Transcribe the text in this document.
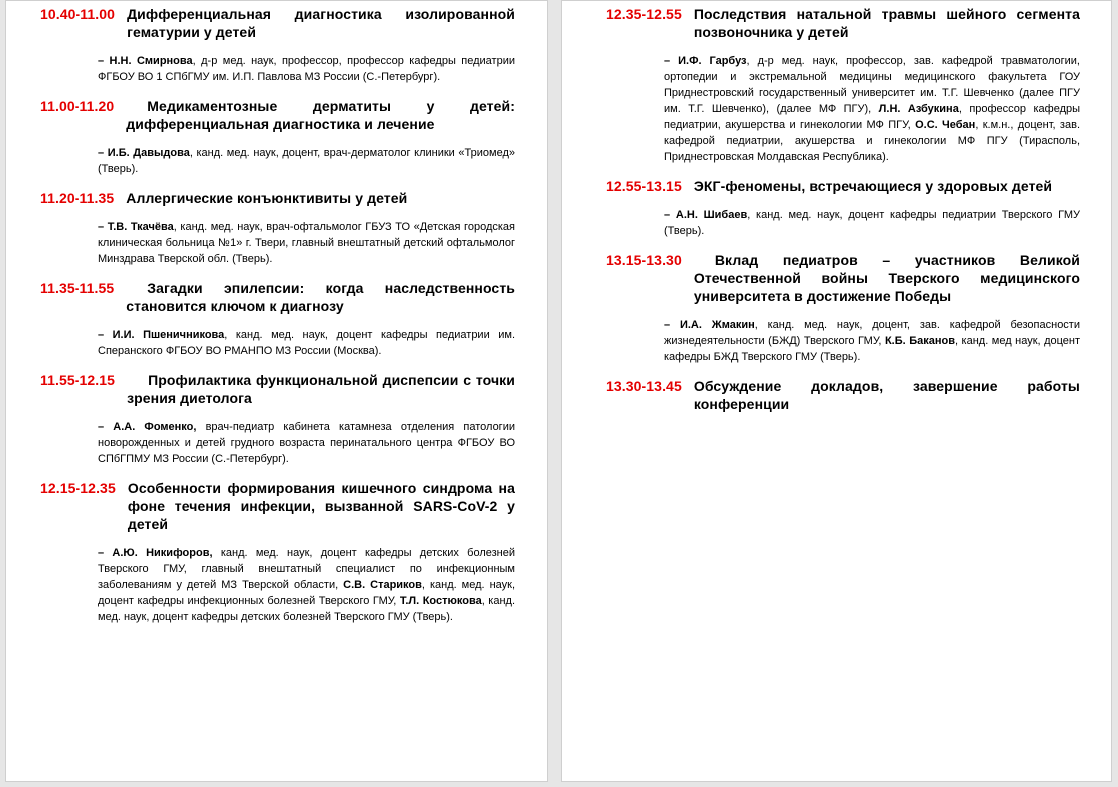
10.40-11.00 Дифференциальная диагностика изолированной гематурии у детей
– Н.Н. Смирнова, д-р мед. наук, профессор, профессор кафедры педиатрии ФГБОУ ВО 1 СПбГМУ им. И.П. Павлова МЗ России (С.-Петербург).
11.00-11.20	Медикаментозные дерматиты у детей: дифференциальная диагностика и лечение
– И.Б. Давыдова, канд. мед. наук, доцент, врач-дерматолог клиники «Триомед» (Тверь).
11.20-11.35 Аллергические конъюнктивиты у детей
– Т.В. Ткачёва, канд. мед. наук, врач-офтальмолог ГБУЗ ТО «Детская городская клиническая больница №1» г. Твери, главный внештатный детский офтальмолог Минздрава Тверской обл. (Тверь).
11.35-11.55	Загадки эпилепсии: когда наследственность становится ключом к диагнозу
– И.И. Пшеничникова, канд. мед. наук, доцент кафедры педиатрии им. Сперанского ФГБОУ ВО РМАНПО МЗ России (Москва).
11.55-12.15	Профилактика функциональной диспепсии с точки зрения диетолога
– А.А. Фоменко, врач-педиатр кабинета катамнеза отделения патологии новорожденных и детей грудного возраста перинатального центра ФГБОУ ВО СПбГПМУ МЗ России (С.-Петербург).
12.15-12.35 Особенности формирования кишечного синдрома на фоне течения инфекции, вызванной SARS-CoV-2 у детей
– А.Ю. Никифоров, канд. мед. наук, доцент кафедры детских болезней Тверского ГМУ, главный внештатный специалист по инфекционным заболеваниям у детей МЗ Тверской области, С.В. Стариков, канд. мед. наук, доцент кафедры инфекционных болезней Тверского ГМУ, Т.Л. Костюкова, канд. мед. наук, доцент кафедры детских болезней Тверского ГМУ (Тверь).
12.35-12.55 Последствия натальной травмы шейного сегмента позвоночника у детей
– И.Ф. Гарбуз, д-р мед. наук, профессор, зав. кафедрой травматологии, ортопедии и экстремальной медицины медицинского факультета ГОУ Приднестровский государственный университет им. Т.Г. Шевченко (далее ПГУ им. Т.Г. Шевченко), (далее МФ ПГУ), Л.Н. Азбукина, профессор кафедры педиатрии, акушерства и гинекологии МФ ПГУ, О.С. Чебан, к.м.н., доцент, зав. кафедрой педиатрии, акушерства и гинекологии МФ ПГУ (Тирасполь, Приднестровская Молдавская Республика).
12.55-13.15 ЭКГ-феномены, встречающиеся у здоровых детей
– А.Н. Шибаев, канд. мед. наук, доцент кафедры педиатрии Тверского ГМУ (Тверь).
13.15-13.30	Вклад педиатров – участников Великой Отечественной войны Тверского медицинского университета в достижение Победы
– И.А. Жмакин, канд. мед. наук, доцент, зав. кафедрой безопасности жизнедеятельности (БЖД) Тверского ГМУ, К.Б. Баканов, канд. мед наук, доцент кафедры БЖД Тверского ГМУ (Тверь).
13.30-13.45 Обсуждение докладов, завершение работы конференции
